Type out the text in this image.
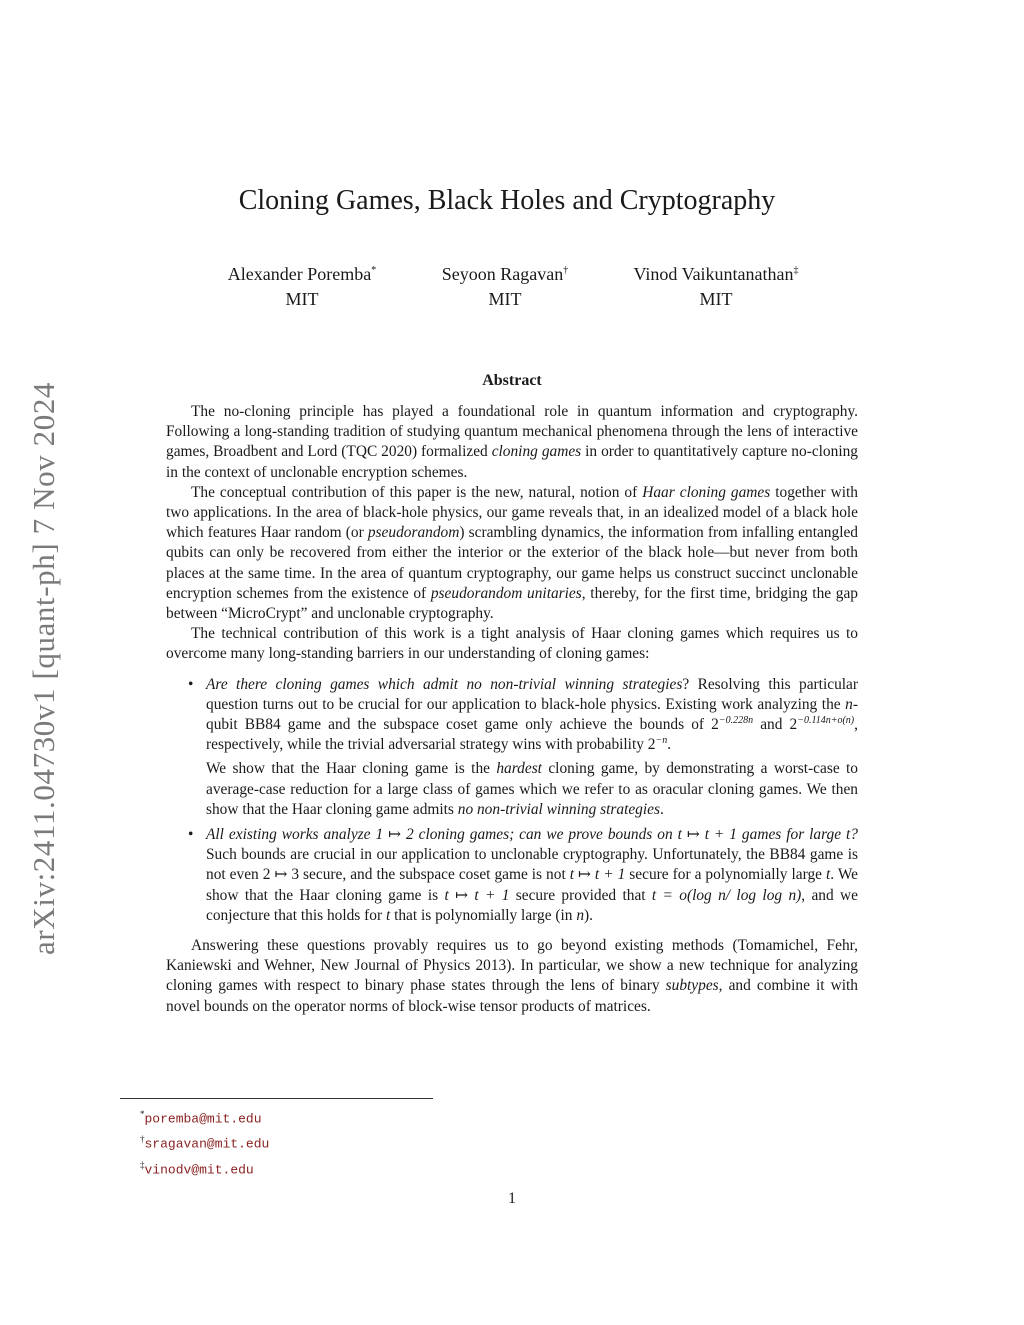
arXiv:2411.04730v1 [quant-ph] 7 Nov 2024
Cloning Games, Black Holes and Cryptography
Alexander Poremba*
MIT
Seyoon Ragavan†
MIT
Vinod Vaikuntanathan‡
MIT
Abstract

The no-cloning principle has played a foundational role in quantum information and cryptography. Following a long-standing tradition of studying quantum mechanical phenomena through the lens of interactive games, Broadbent and Lord (TQC 2020) formalized cloning games in order to quantitatively capture no-cloning in the context of unclonable encryption schemes.

The conceptual contribution of this paper is the new, natural, notion of Haar cloning games together with two applications. In the area of black-hole physics, our game reveals that, in an idealized model of a black hole which features Haar random (or pseudorandom) scrambling dynamics, the information from infalling entangled qubits can only be recovered from either the interior or the exterior of the black hole—but never from both places at the same time. In the area of quantum cryptography, our game helps us construct succinct unclonable encryption schemes from the existence of pseudorandom unitaries, thereby, for the first time, bridging the gap between “MicroCrypt” and unclonable cryptography.

The technical contribution of this work is a tight analysis of Haar cloning games which requires us to overcome many long-standing barriers in our understanding of cloning games:

• Are there cloning games which admit no non-trivial winning strategies? Resolving this particular question turns out to be crucial for our application to black-hole physics. Existing work analyzing the n-qubit BB84 game and the subspace coset game only achieve the bounds of $2^{-0.228n}$ and $2^{-0.114n+o(n)}$, respectively, while the trivial adversarial strategy wins with probability $2^{-n}$.

We show that the Haar cloning game is the hardest cloning game, by demonstrating a worst-case to average-case reduction for a large class of games which we refer to as oracular cloning games. We then show that the Haar cloning game admits no non-trivial winning strategies.

• All existing works analyze 1 ↦ 2 cloning games; can we prove bounds on t ↦ t + 1 games for large t? Such bounds are crucial in our application to unclonable cryptography. Unfortunately, the BB84 game is not even 2 ↦ 3 secure, and the subspace coset game is not t ↦ t + 1 secure for a polynomially large t. We show that the Haar cloning game is t ↦ t + 1 secure provided that t = o(log n/ log log n), and we conjecture that this holds for t that is polynomially large (in n).

Answering these questions provably requires us to go beyond existing methods (Tomamichel, Fehr, Kaniewski and Wehner, New Journal of Physics 2013). In particular, we show a new technique for analyzing cloning games with respect to binary phase states through the lens of binary subtypes, and combine it with novel bounds on the operator norms of block-wise tensor products of matrices.

*poremba@mit.edu
†sragavan@mit.edu
‡vinodv@mit.edu
1
